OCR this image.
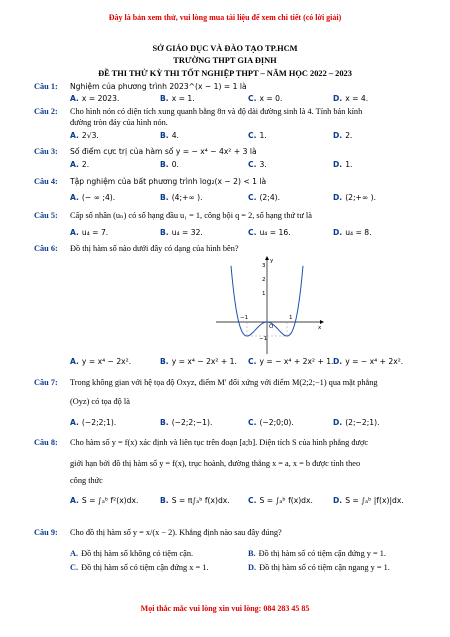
Đây là bản xem thử, vui lòng mua tài liệu để xem chi tiết (có lời giải)
SỞ GIÁO DỤC VÀ ĐÀO TẠO TP.HCM
TRƯỜNG THPT GIA ĐỊNH
ĐỀ THI THỬ KỲ THI TỐT NGHIỆP THPT – NĂM HỌC 2022 – 2023
Câu 1: Nghiệm của phương trình 2023^(x − 1) = 1 là
A. x = 2023.	B. x = 1.	C. x = 0.	D. x = 4.
Câu 2: Cho hình nón có diện tích xung quanh bằng 8π và độ dài đường sinh là 4. Tính bán kính
đường tròn đáy của hình nón.
A. 2√3.	B. 4.	C. 1.	D. 2.
Câu 3: Số điểm cực trị của hàm số y = − x⁴ − 4x² + 3 là
A. 2.	B. 0.	C. 3.	D. 1.
Câu 4: Tập nghiệm của bất phương trình log₂(x − 2) < 1 là
A. (− ∞ ;4).	B. (4;+∞ ).	C. (2;4).	D. (2;+∞ ).
Câu 5: Cấp số nhân (uₙ) có số hạng đầu u₁ = 1, công bội q = 2, số hạng thứ tư là
A. u₄ = 7.	B. u₄ = 32.	C. u₄ = 16.	D. u₄ = 8.
Câu 6: Đồ thị hàm số nào dưới đây có dạng của hình bên?
3
2
1
−1
−1	1
O	x
y
A. y = x⁴ − 2x².	B. y = x⁴ − 2x² + 1. C. y = − x⁴ + 2x² + 1. D. y = − x⁴ + 2x².
Câu 7: Trong không gian với hệ tọa độ Oxyz, điểm M′ đối xứng với điểm M(2;2;−1) qua mặt phẳng
(Oyz) có tọa độ là
A. (−2;2;1).	B. (−2;2;−1).	C. (−2;0;0).	D. (2;−2;1).
Câu 8: Cho hàm số y = f(x) xác định và liên tục trên đoạn [a;b]. Diện tích S của hình phẳng được
giới hạn bởi đồ thị hàm số y = f(x), trục hoành, đường thẳng x = a, x = b được tính theo
công thức
A. S = ∫ₐᵇ f²(x)dx.	B. S = π∫ₐᵇ f(x)dx. C. S = ∫ₐᵇ f(x)dx.	D. S = ∫ₐᵇ |f(x)|dx.
Câu 9: Cho đồ thị hàm số y = x/(x − 2). Khẳng định nào sau đây đúng?
A. Đồ thị hàm số không có tiệm cận.	B. Đồ thị hàm số có tiệm cận đứng y = 1.
C. Đồ thị hàm số có tiệm cận đứng x = 1.	D. Đồ thị hàm số có tiệm cận ngang y = 1.
Mọi thắc mắc vui lòng xin vui lòng: 084 283 45 85
